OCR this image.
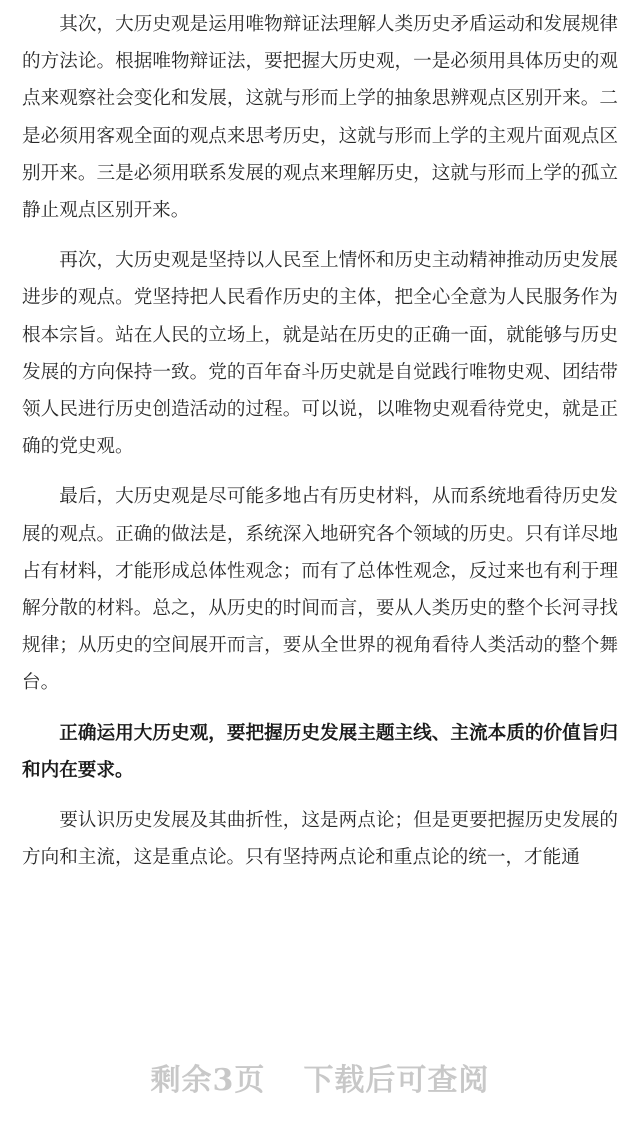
其次，大历史观是运用唯物辩证法理解人类历史矛盾运动和发展规律的方法论。根据唯物辩证法，要把握大历史观，一是必须用具体历史的观点来观察社会变化和发展，这就与形而上学的抽象思辨观点区别开来。二是必须用客观全面的观点来思考历史，这就与形而上学的主观片面观点区别开来。三是必须用联系发展的观点来理解历史，这就与形而上学的孤立静止观点区别开来。

再次，大历史观是坚持以人民至上情怀和历史主动精神推动历史发展进步的观点。党坚持把人民看作历史的主体，把全心全意为人民服务作为根本宗旨。站在人民的立场上，就是站在历史的正确一面，就能够与历史发展的方向保持一致。党的百年奋斗历史就是自觉践行唯物史观、团结带领人民进行历史创造活动的过程。可以说，以唯物史观看待党史，就是正确的党史观。

最后，大历史观是尽可能多地占有历史材料，从而系统地看待历史发展的观点。正确的做法是，系统深入地研究各个领域的历史。只有详尽地占有材料，才能形成总体性观念；而有了总体性观念，反过来也有利于理解分散的材料。总之，从历史的时间而言，要从人类历史的整个长河寻找规律；从历史的空间展开而言，要从全世界的视角看待人类活动的整个舞台。

正确运用大历史观，要把握历史发展主题主线、主流本质的价值旨归和内在要求。

要认识历史发展及其曲折性，这是两点论；但是更要把握历史发展的方向和主流，这是重点论。只有坚持两点论和重点论的统一，才能通

剩余3页 下载后可查阅
